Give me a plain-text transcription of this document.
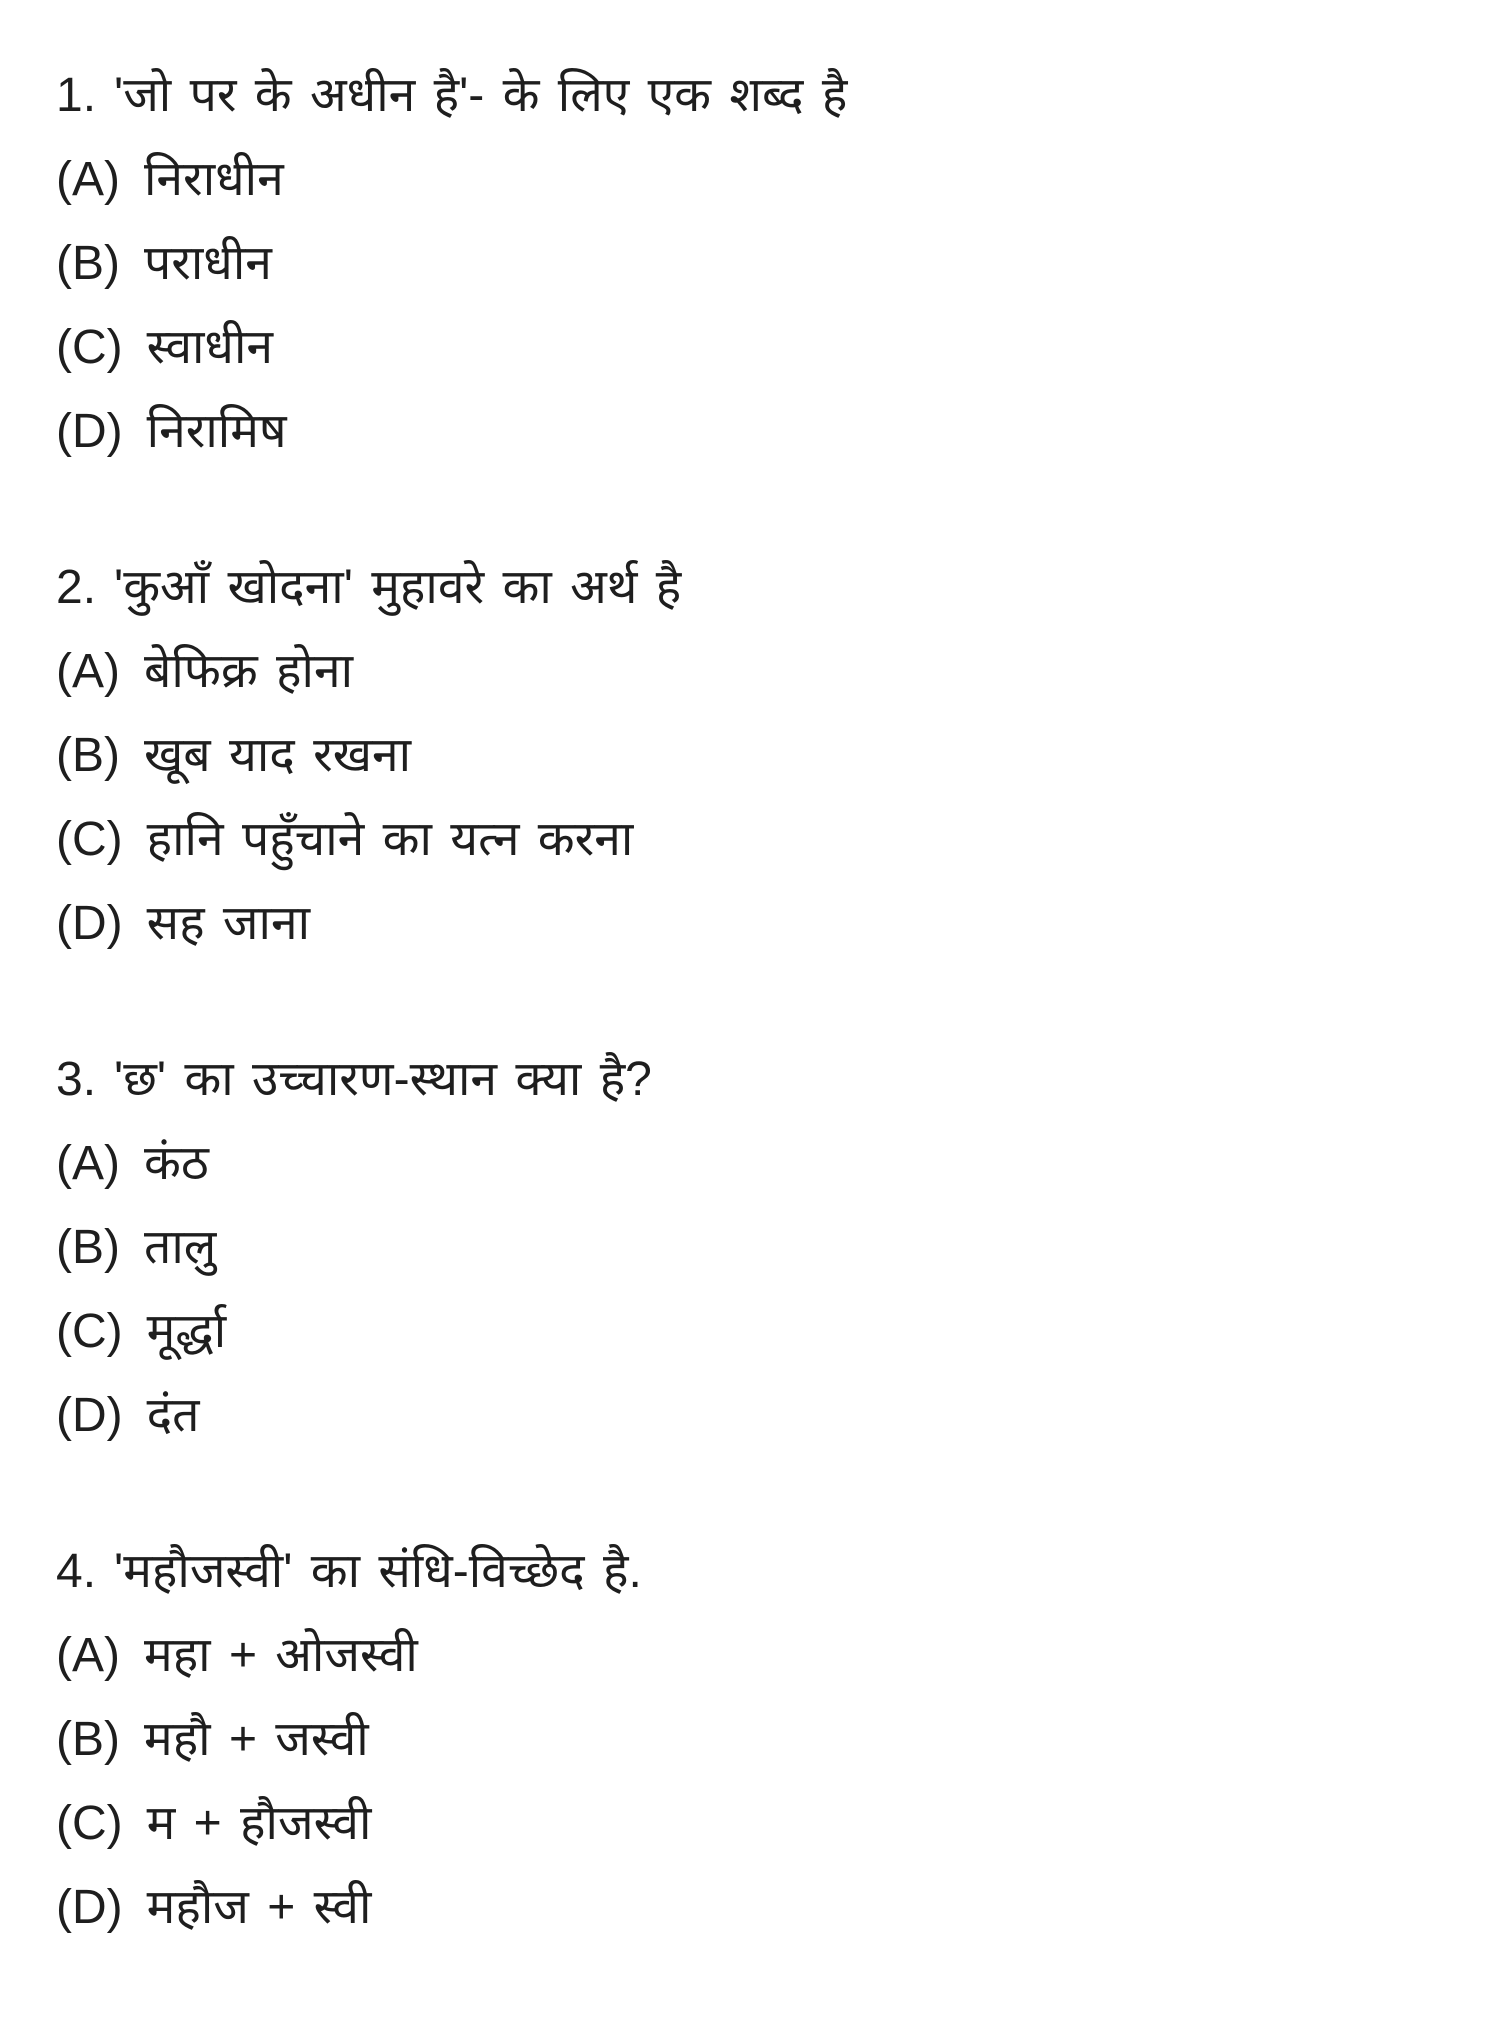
1. 'जो पर के अधीन है'- के लिए एक शब्द है
(A) निराधीन
(B) पराधीन
(C) स्वाधीन
(D) निरामिष
2. 'कुआँ खोदना' मुहावरे का अर्थ है
(A) बेफिक्र होना
(B) खूब याद रखना
(C) हानि पहुँचाने का यत्न करना
(D) सह जाना
3. 'छ' का उच्चारण-स्थान क्या है?
(A) कंठ
(B) तालु
(C) मूर्द्धा
(D) दंत
4. 'महौजस्वी' का संधि-विच्छेद है.
(A) महा + ओजस्वी
(B) महौ + जस्वी
(C) म + हौजस्वी
(D) महौज + स्वी
